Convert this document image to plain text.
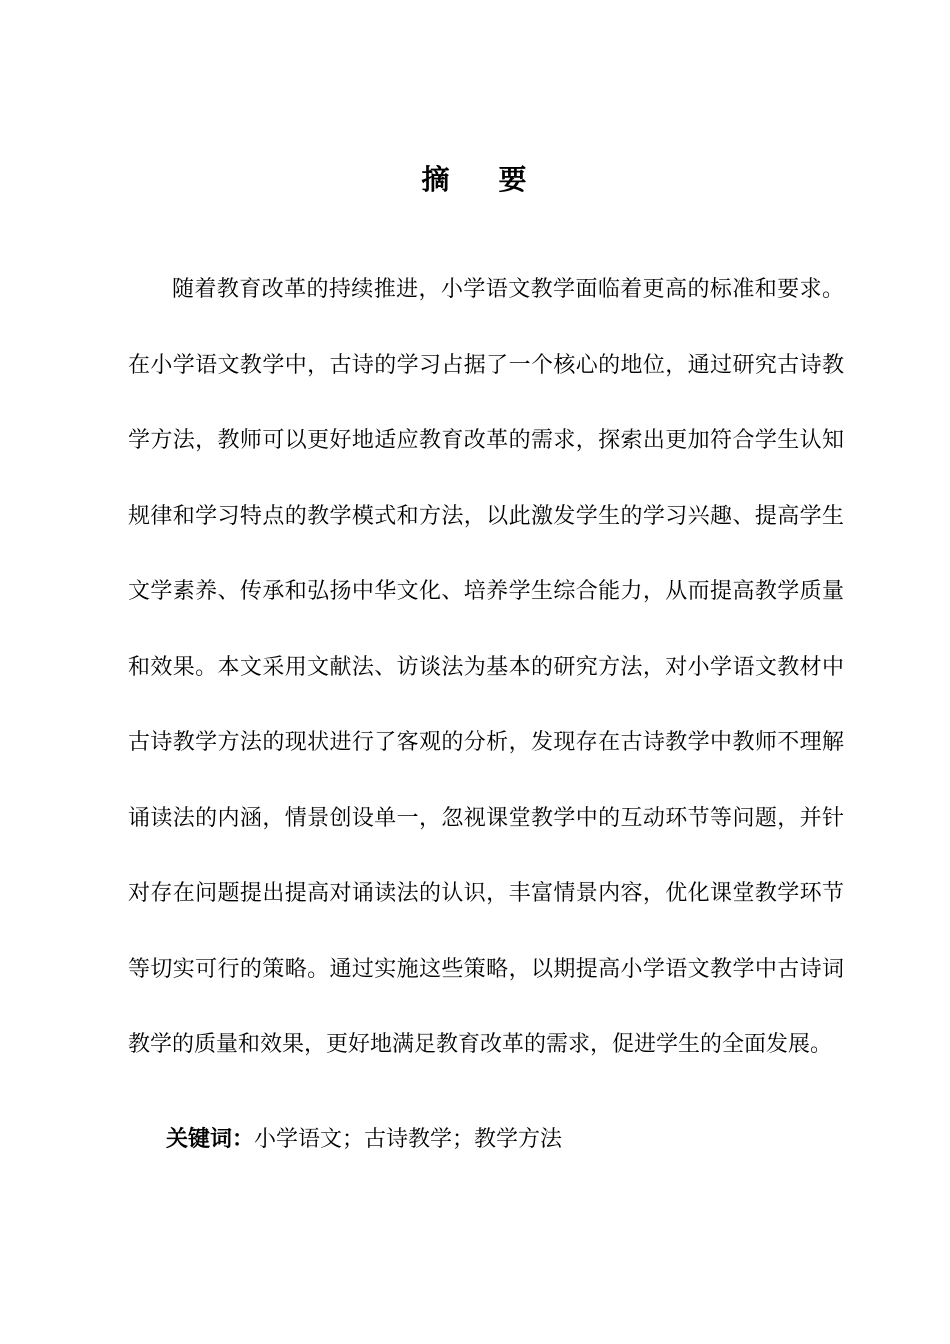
摘    要
随着教育改革的持续推进，小学语文教学面临着更高的标准和要求。
在小学语文教学中，古诗的学习占据了一个核心的地位，通过研究古诗教
学方法，教师可以更好地适应教育改革的需求，探索出更加符合学生认知
规律和学习特点的教学模式和方法，以此激发学生的学习兴趣、提高学生
文学素养、传承和弘扬中华文化、培养学生综合能力，从而提高教学质量
和效果。本文采用文献法、访谈法为基本的研究方法，对小学语文教材中
古诗教学方法的现状进行了客观的分析，发现存在古诗教学中教师不理解
诵读法的内涵，情景创设单一，忽视课堂教学中的互动环节等问题，并针
对存在问题提出提高对诵读法的认识，丰富情景内容，优化课堂教学环节
等切实可行的策略。通过实施这些策略，以期提高小学语文教学中古诗词
教学的质量和效果，更好地满足教育改革的需求，促进学生的全面发展。
关键词：小学语文；古诗教学；教学方法
